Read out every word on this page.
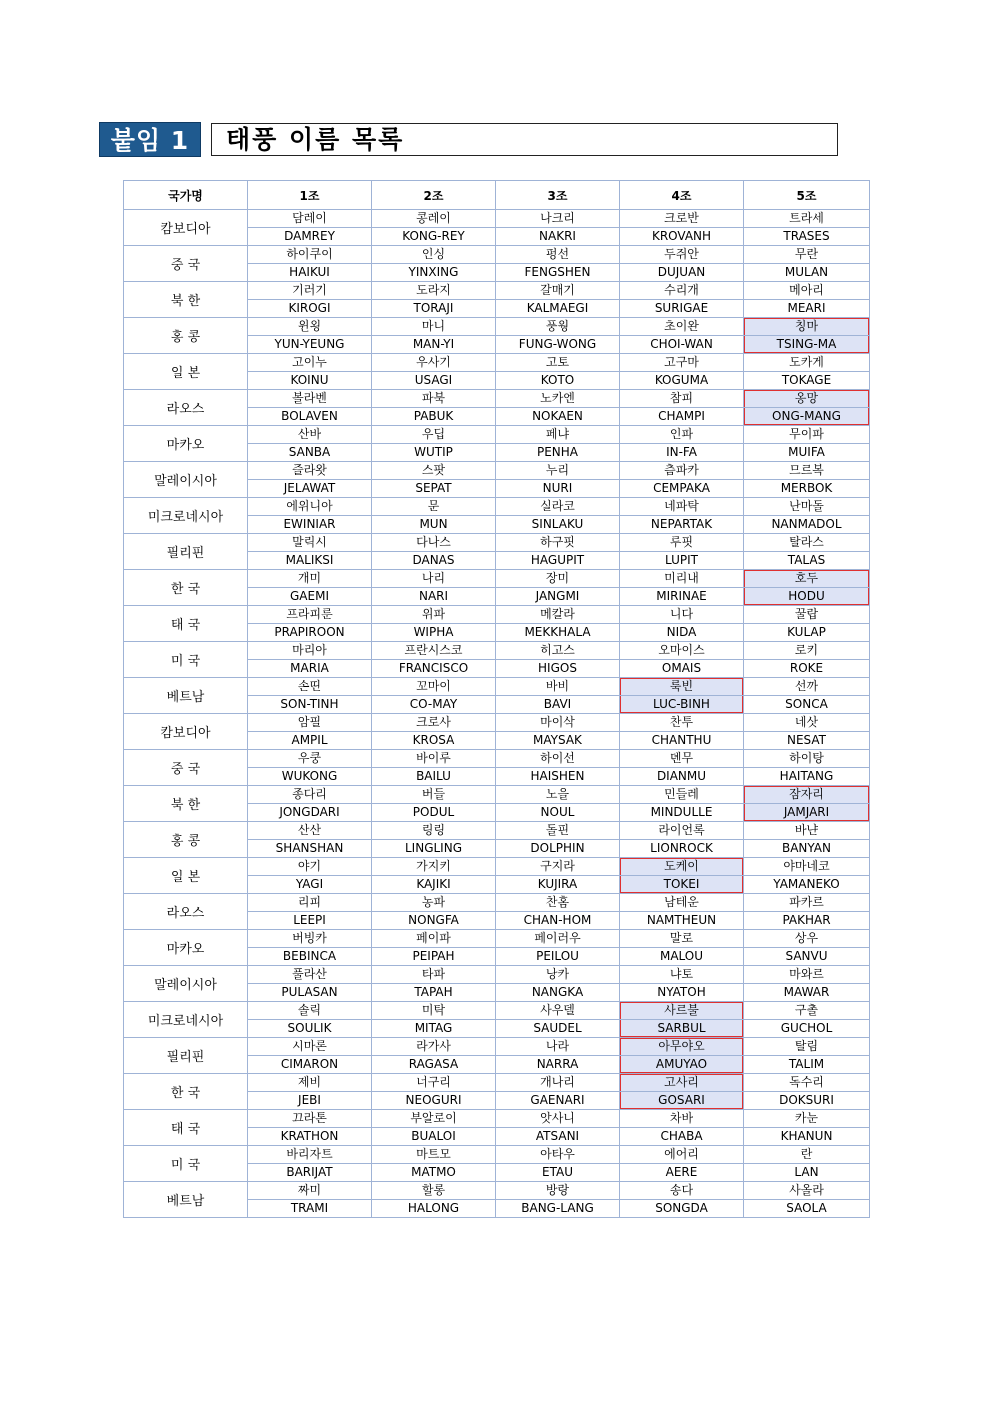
붙임 1	태풍 이름 목록
국가명	1조	2조	3조	4조	5조
캄보디아	담레이	콩레이	나크리	크로반	트라세
	DAMREY	KONG-REY	NAKRI	KROVANH	TRASES
중 국	하이쿠이	인싱	펑선	두쥐안	무란
	HAIKUI	YINXING	FENGSHEN	DUJUAN	MULAN
북 한	기러기	도라지	갈매기	수리개	메아리
	KIROGI	TORAJI	KALMAEGI	SURIGAE	MEARI
홍 콩	윈욍	마니	풍웡	초이완	칭마
	YUN-YEUNG	MAN-YI	FUNG-WONG	CHOI-WAN	TSING-MA
일 본	고이누	우사기	고토	고구마	도카게
	KOINU	USAGI	KOTO	KOGUMA	TOKAGE
라오스	볼라벤	파북	노카엔	참피	옹망
	BOLAVEN	PABUK	NOKAEN	CHAMPI	ONG-MANG
마카오	산바	우딥	페냐	인파	무이파
	SANBA	WUTIP	PENHA	IN-FA	MUIFA
말레이시아	즐라왓	스팟	누리	츰파카	므르복
	JELAWAT	SEPAT	NURI	CEMPAKA	MERBOK
미크로네시아	에위니아	문	실라코	네파탁	난마돌
	EWINIAR	MUN	SINLAKU	NEPARTAK	NANMADOL
필리핀	말릭시	다나스	하구핏	루핏	탈라스
	MALIKSI	DANAS	HAGUPIT	LUPIT	TALAS
한 국	개미	나리	장미	미리내	호두
	GAEMI	NARI	JANGMI	MIRINAE	HODU
태 국	프라피룬	위파	메칼라	니다	꿀랍
	PRAPIROON	WIPHA	MEKKHALA	NIDA	KULAP
미 국	마리아	프란시스코	히고스	오마이스	로키
	MARIA	FRANCISCO	HIGOS	OMAIS	ROKE
베트남	손띤	꼬마이	바비	룩빈	선까
	SON-TINH	CO-MAY	BAVI	LUC-BINH	SONCA
캄보디아	암필	크로사	마이삭	찬투	네삿
	AMPIL	KROSA	MAYSAK	CHANTHU	NESAT
중 국	우쿵	바이루	하이선	뎬무	하이탕
	WUKONG	BAILU	HAISHEN	DIANMU	HAITANG
북 한	종다리	버들	노을	민들레	잠자리
	JONGDARI	PODUL	NOUL	MINDULLE	JAMJARI
홍 콩	산산	링링	돌핀	라이언록	바냔
	SHANSHAN	LINGLING	DOLPHIN	LIONROCK	BANYAN
일 본	야기	가지키	구지라	도케이	야마네코
	YAGI	KAJIKI	KUJIRA	TOKEI	YAMANEKO
라오스	리피	농파	찬홈	남테운	파카르
	LEEPI	NONGFA	CHAN-HOM	NAMTHEUN	PAKHAR
마카오	버빙카	페이파	페이러우	말로	상우
	BEBINCA	PEIPAH	PEILOU	MALOU	SANVU
말레이시아	풀라산	타파	낭카	냐토	마와르
	PULASAN	TAPAH	NANGKA	NYATOH	MAWAR
미크로네시아	솔릭	미탁	사우델	사르불	구촐
	SOULIK	MITAG	SAUDEL	SARBUL	GUCHOL
필리핀	시마론	라가사	나라	아무야오	탈림
	CIMARON	RAGASA	NARRA	AMUYAO	TALIM
한 국	제비	너구리	개나리	고사리	독수리
	JEBI	NEOGURI	GAENARI	GOSARI	DOKSURI
태 국	끄라톤	부알로이	앗사니	차바	카눈
	KRATHON	BUALOI	ATSANI	CHABA	KHANUN
미 국	바리자트	마트모	아타우	에어리	란
	BARIJAT	MATMO	ETAU	AERE	LAN
베트남	짜미	할롱	방랑	송다	사올라
	TRAMI	HALONG	BANG-LANG	SONGDA	SAOLA
